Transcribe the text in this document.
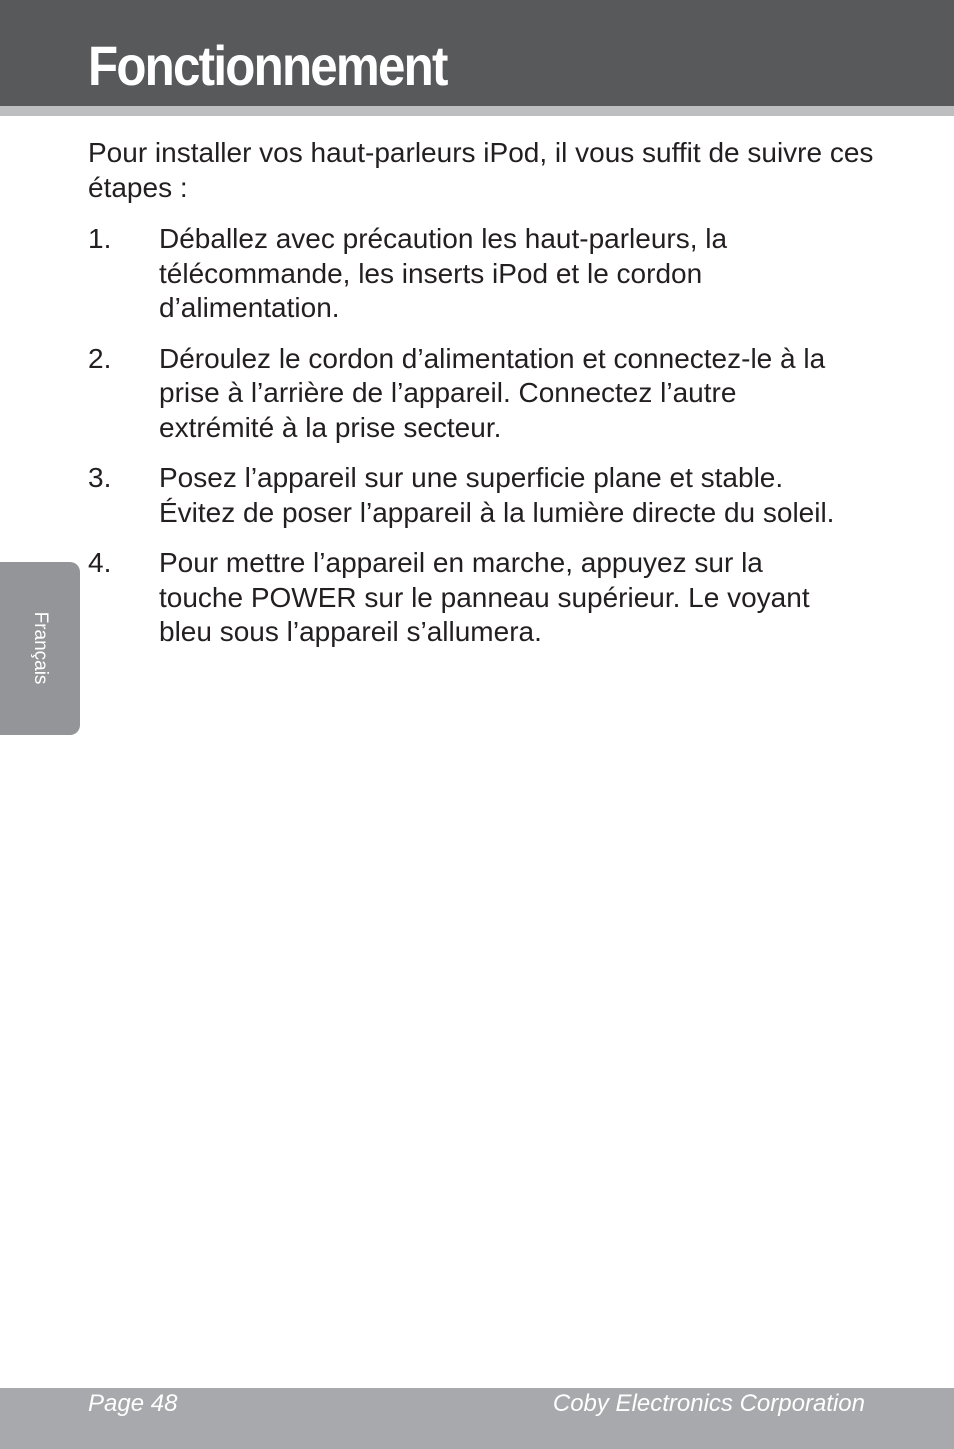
Fonctionnement

Pour installer vos haut-parleurs iPod, il vous suffit de suivre ces étapes :

1.	Déballez avec précaution les haut-parleurs, la télécommande, les inserts iPod et le cordon d’alimentation.
2.	Déroulez le cordon d’alimentation et connectez-le à la prise à l’arrière de l’appareil. Connectez l’autre extrémité à la prise secteur.
3.	Posez l’appareil sur une superficie plane et stable. Évitez de poser l’appareil à la lumière directe du soleil.
4.	Pour mettre l’appareil en marche, appuyez sur la touche POWER sur le panneau supérieur. Le voyant bleu sous l’appareil s’allumera.
Français
Page 48	Coby Electronics Corporation
